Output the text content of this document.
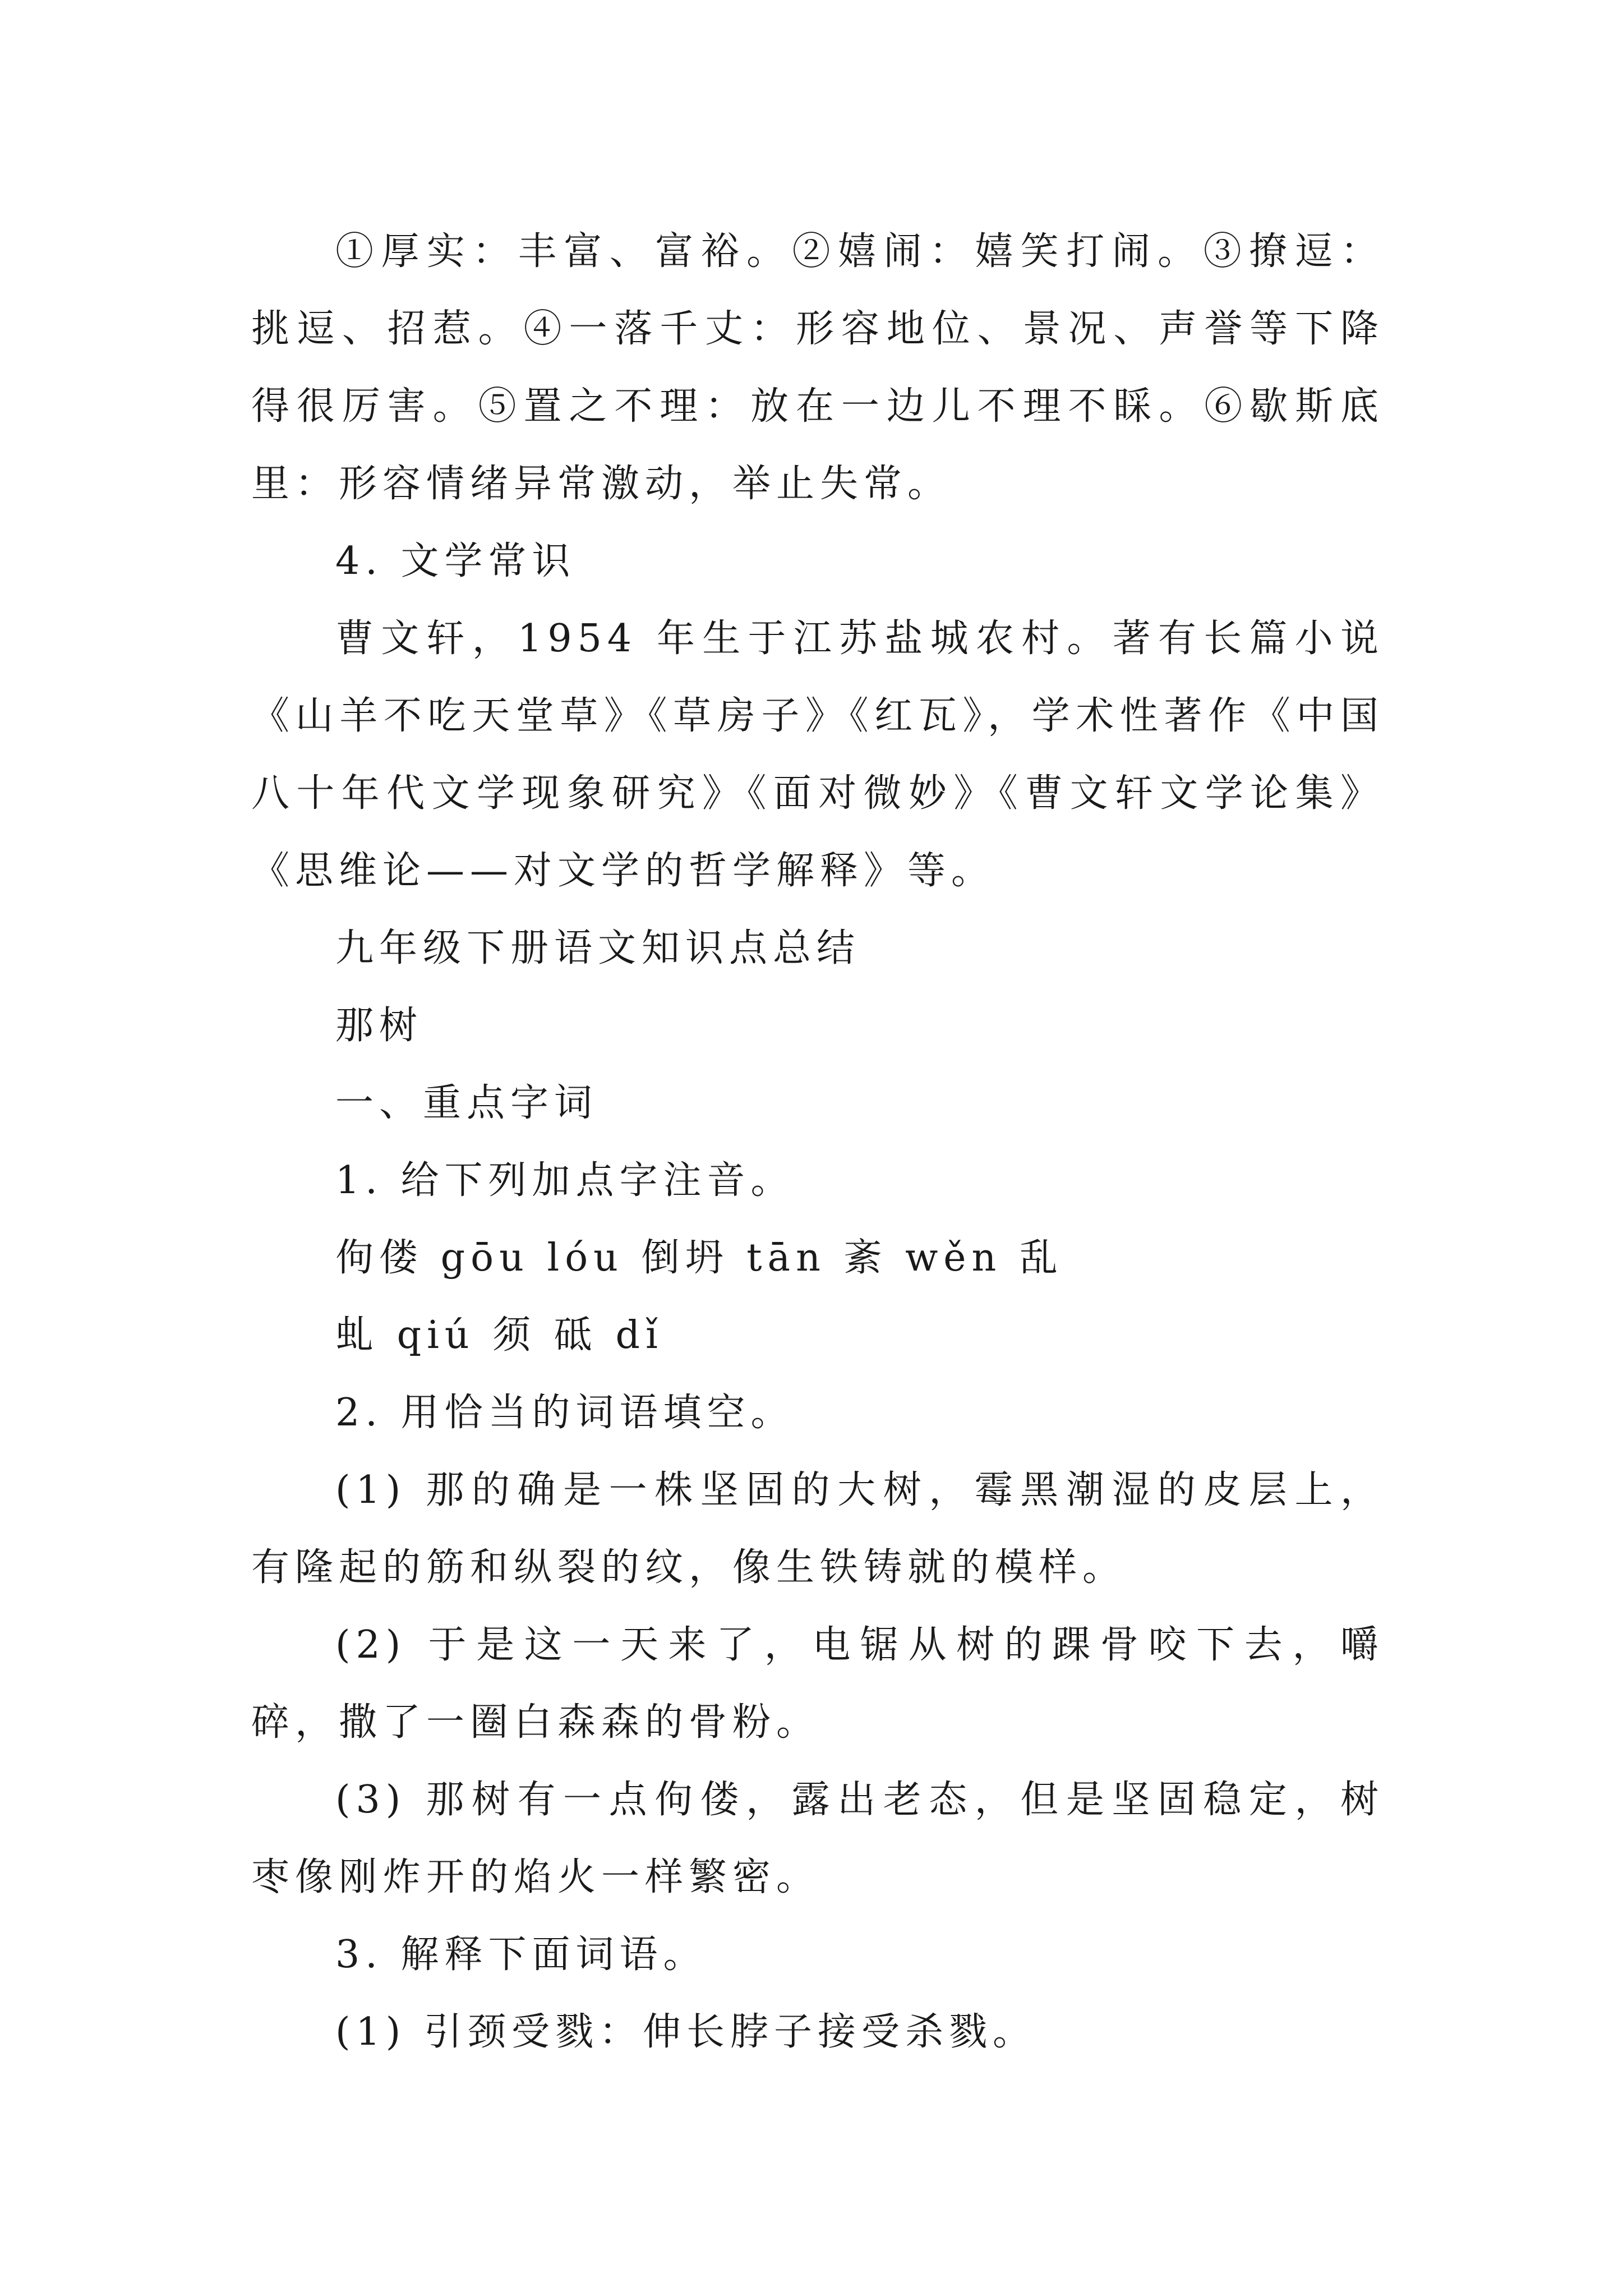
①厚实：丰富、富裕。②嬉闹：嬉笑打闹。③撩逗：挑逗、招惹。④一落千丈：形容地位、景况、声誉等下降得很厉害。⑤置之不理：放在一边儿不理不睬。⑥歇斯底里：形容情绪异常激动，举止失常。

4. 文学常识

曹文轩，1954 年生于江苏盐城农村。著有长篇小说《山羊不吃天堂草》《草房子》《红瓦》，学术性著作《中国八十年代文学现象研究》《面对微妙》《曹文轩文学论集》《思维论——对文学的哲学解释》等。

九年级下册语文知识点总结

那树

一、重点字词

1. 给下列加点字注音。

佝偻 gōu lóu 倒坍 tān 紊 wěn 乱

虬 qiú 须 砥 dǐ

2. 用恰当的词语填空。

(1) 那的确是一株坚固的大树，霉黑潮湿的皮层上，有隆起的筋和纵裂的纹，像生铁铸就的模样。

(2) 于是这一天来了，电锯从树的踝骨咬下去，嚼碎，撒了一圈白森森的骨粉。

(3) 那树有一点佝偻，露出老态，但是坚固稳定，树枣像刚炸开的焰火一样繁密。

3. 解释下面词语。

(1) 引颈受戮：伸长脖子接受杀戮。
